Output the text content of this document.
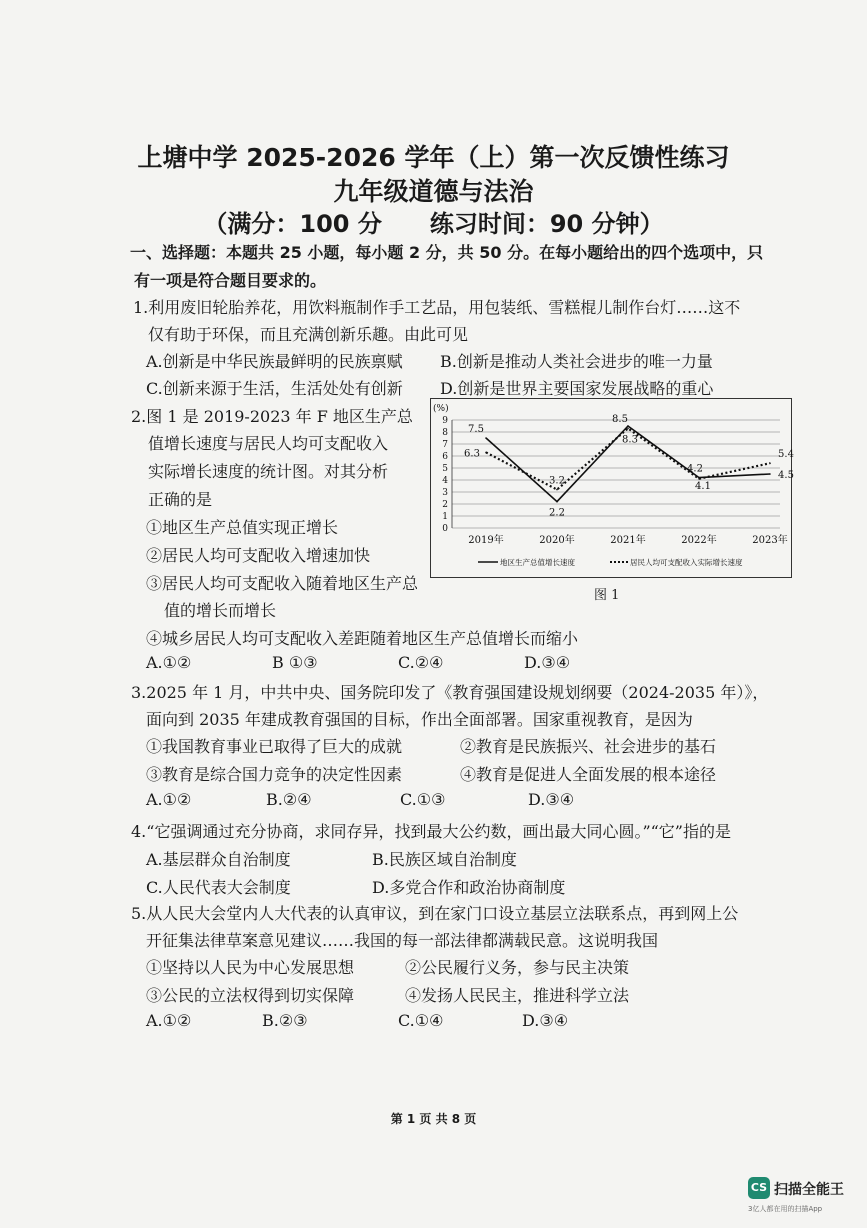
上塘中学 2025-2026 学年（上）第一次反馈性练习
九年级道德与法治
（满分：100 分　　练习时间：90 分钟）
一、选择题：本题共 25 小题，每小题 2 分，共 50 分。在每小题给出的四个选项中，只
有一项是符合题目要求的。
1.利用废旧轮胎养花，用饮料瓶制作手工艺品，用包装纸、雪糕棍儿制作台灯……这不
仅有助于环保，而且充满创新乐趣。由此可见
A.创新是中华民族最鲜明的民族禀赋 B.创新是推动人类社会进步的唯一力量
C.创新来源于生活，生活处处有创新 D.创新是世界主要国家发展战略的重心
2.图 1 是 2019-2023 年 F 地区生产总
值增长速度与居民人均可支配收入
实际增长速度的统计图。对其分析
正确的是
①地区生产总值实现正增长
②居民人均可支配收入增速加快
③居民人均可支配收入随着地区生产总
值的增长而增长
④城乡居民人均可支配收入差距随着地区生产总值增长而缩小
A.①②	B ①③	C.②④	D.③④
(%)
0
1
2
3
4
5
6
7
8
9
2019年	2020年	2021年	2022年	2023年
7.5
2.2
8.5
4.2
4.5
6.3
3.2
8.3
4.1
5.4
地区生产总值增长速度	居民人均可支配收入实际增长速度
图 1
3.2025 年 1 月，中共中央、国务院印发了《教育强国建设规划纲要（2024-2035 年）》，
面向到 2035 年建成教育强国的目标，作出全面部署。国家重视教育，是因为
①我国教育事业已取得了巨大的成就	②教育是民族振兴、社会进步的基石
③教育是综合国力竞争的决定性因素	④教育是促进人全面发展的根本途径
A.①②	B.②④	C.①③	D.③④
4.“它强调通过充分协商，求同存异，找到最大公约数，画出最大同心圆。”“它”指的是
A.基层群众自治制度	B.民族区域自治制度
C.人民代表大会制度	D.多党合作和政治协商制度
5.从人民大会堂内人大代表的认真审议，到在家门口设立基层立法联系点，再到网上公
开征集法律草案意见建议……我国的每一部法律都满载民意。这说明我国
①坚持以人民为中心发展思想	②公民履行义务，参与民主决策
③公民的立法权得到切实保障	④发扬人民民主，推进科学立法
A.①②	B.②③	C.①④	D.③④
第 1 页 共 8 页
CS 扫描全能王
3亿人都在用的扫描App
